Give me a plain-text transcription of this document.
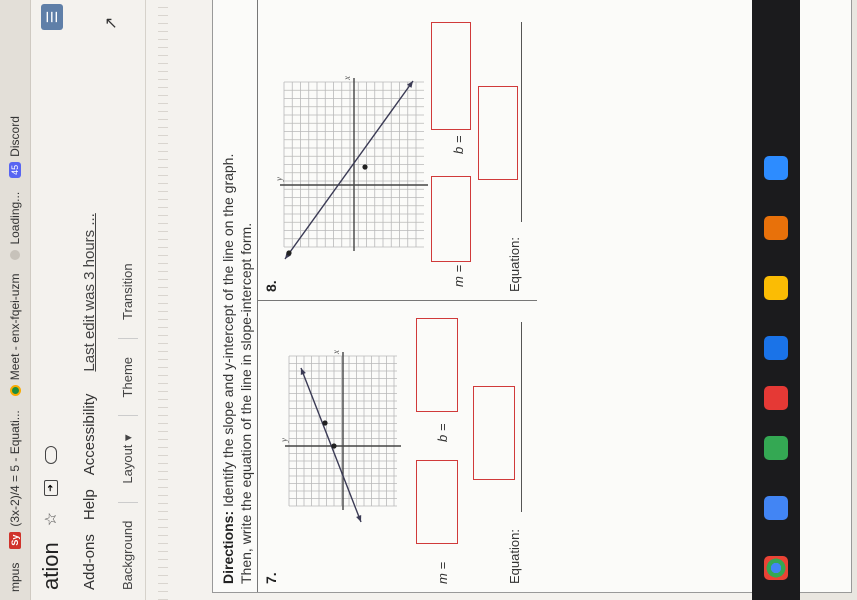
mpus
Sy
(3x-2)/4 = 5 - Equati...
Meet - enx-fqei-uzm
Loading...
45
Discord
ation
☆
➜
Add-ons
Help
Accessibility
Last edit was 3 hours ...
Background
Layout ▾
Theme
Transition
☰	↗
Directions: Identify the slope and y-intercept of the line on the graph. Then, write the equation of the line in slope-intercept form. 7.
x
y
m =
b =
Equation:
8.
x
y
m =
b =
Equation:
